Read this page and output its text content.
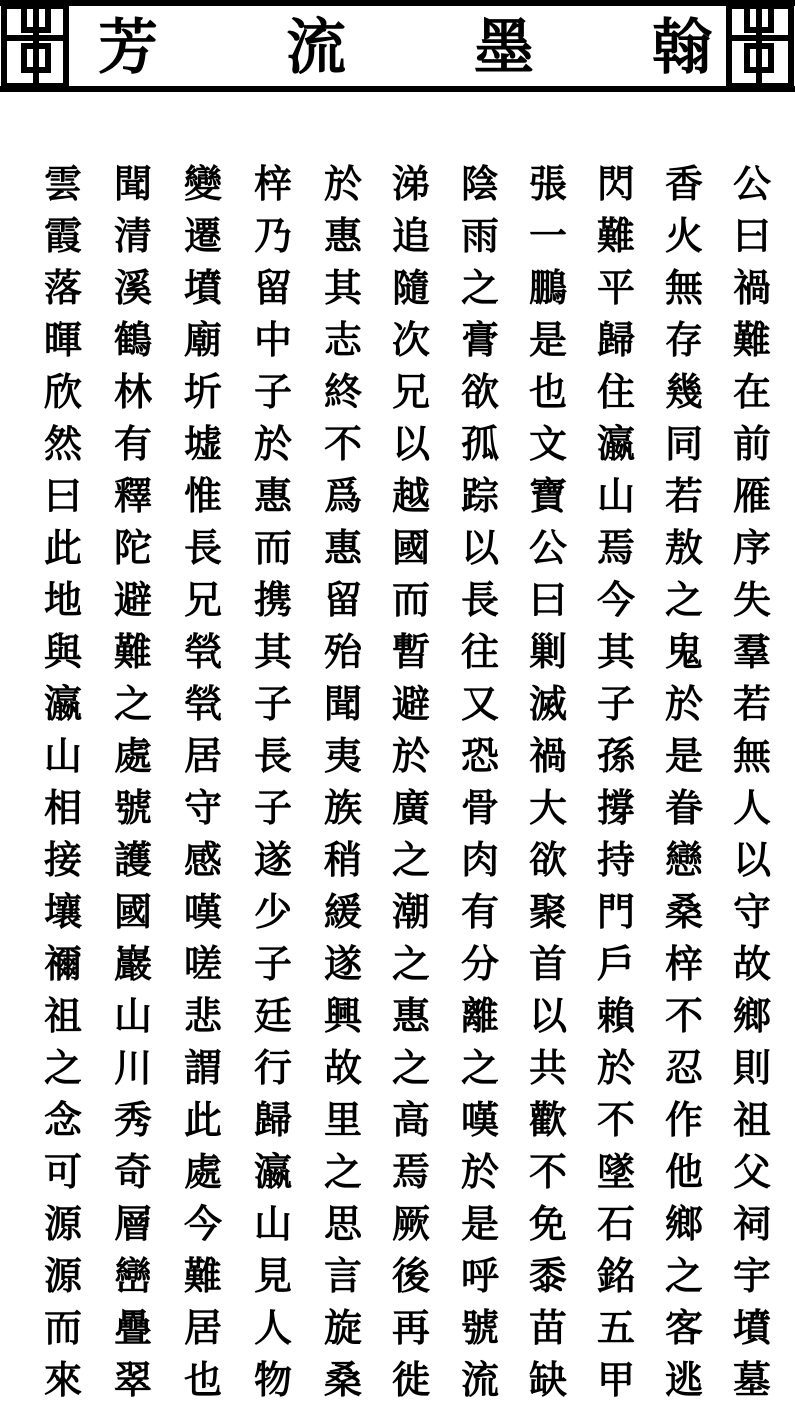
芳 流 墨 翰
公
曰
禍
難
在
前
雁
序
失
羣
若
無
人
以
守
故
鄉
則
祖
父
祠
宇
墳
墓
香
火
無
存
幾
同
若
敖
之
鬼
於
是
眷
戀
桑
梓
不
忍
作
他
鄉
之
客
逃
閃
難
平
歸
住
瀛
山
焉
今
其
子
孫
撐
持
門
戶
賴
於
不
墜
石
銘
五
甲
張
一
鵬
是
也
文
寶
公
曰
剿
滅
禍
大
欲
聚
首
以
共
歡
不
免
黍
苗
缺
陰
雨
之
膏
欲
孤
踪
以
長
往
又
恐
骨
肉
有
分
離
之
嘆
於
是
呼
號
流
涕
追
隨
次
兄
以
越
國
而
暫
避
於
廣
之
潮
之
惠
之
高
焉
厥
後
再
徙
於
惠
其
志
終
不
爲
惠
留
殆
聞
夷
族
稍
緩
遂
興
故
里
之
思
言
旋
桑
梓
乃
留
中
子
於
惠
而
携
其
子
長
子
遂
少
子
廷
行
歸
瀛
山
見
人
物
變
遷
墳
廟
圻
墟
惟
長
兄
煢
煢
居
守
感
嘆
嗟
悲
謂
此
處
今
難
居
也
聞
清
溪
鶴
林
有
釋
陀
避
難
之
處
號
護
國
巖
山
川
秀
奇
層
巒
疊
翠
雲
霞
落
暉
欣
然
曰
此
地
與
瀛
山
相
接
壤
禰
祖
之
念
可
源
源
而
來
